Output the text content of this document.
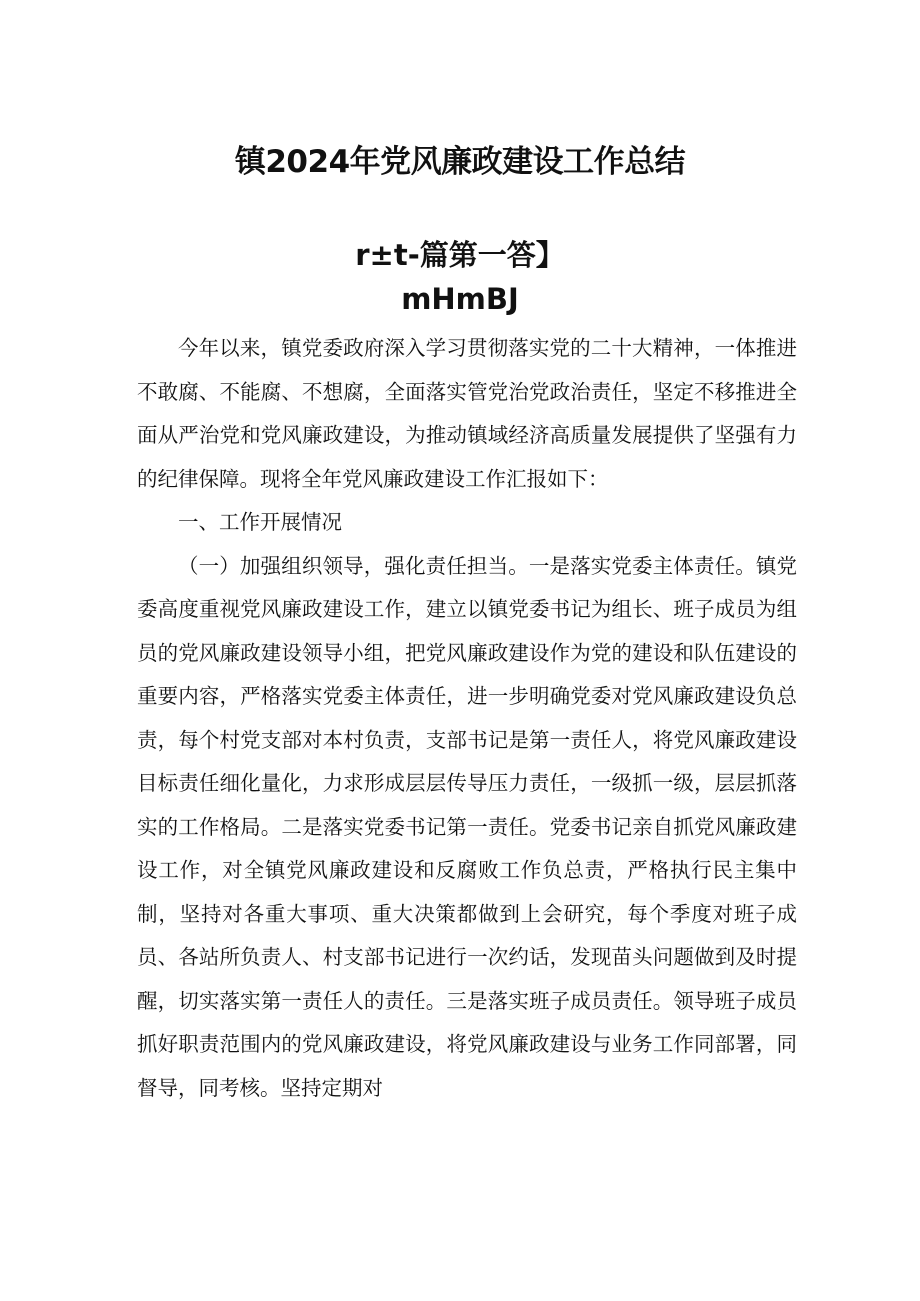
镇2024年党风廉政建设工作总结
r±t-篇第一答】
mHmBJ

今年以来，镇党委政府深入学习贯彻落实党的二十大精神，一体推进不敢腐、不能腐、不想腐，全面落实管党治党政治责任，坚定不移推进全面从严治党和党风廉政建设，为推动镇域经济高质量发展提供了坚强有力的纪律保障。现将全年党风廉政建设工作汇报如下：

一、工作开展情况

（一）加强组织领导，强化责任担当。一是落实党委主体责任。镇党委高度重视党风廉政建设工作，建立以镇党委书记为组长、班子成员为组员的党风廉政建设领导小组，把党风廉政建设作为党的建设和队伍建设的重要内容，严格落实党委主体责任，进一步明确党委对党风廉政建设负总责，每个村党支部对本村负责，支部书记是第一责任人，将党风廉政建设目标责任细化量化，力求形成层层传导压力责任，一级抓一级，层层抓落实的工作格局。二是落实党委书记第一责任。党委书记亲自抓党风廉政建设工作，对全镇党风廉政建设和反腐败工作负总责，严格执行民主集中制，坚持对各重大事项、重大决策都做到上会研究，每个季度对班子成员、各站所负责人、村支部书记进行一次约话，发现苗头问题做到及时提醒，切实落实第一责任人的责任。三是落实班子成员责任。领导班子成员抓好职责范围内的党风廉政建设，将党风廉政建设与业务工作同部署，同督导，同考核。坚持定期对
